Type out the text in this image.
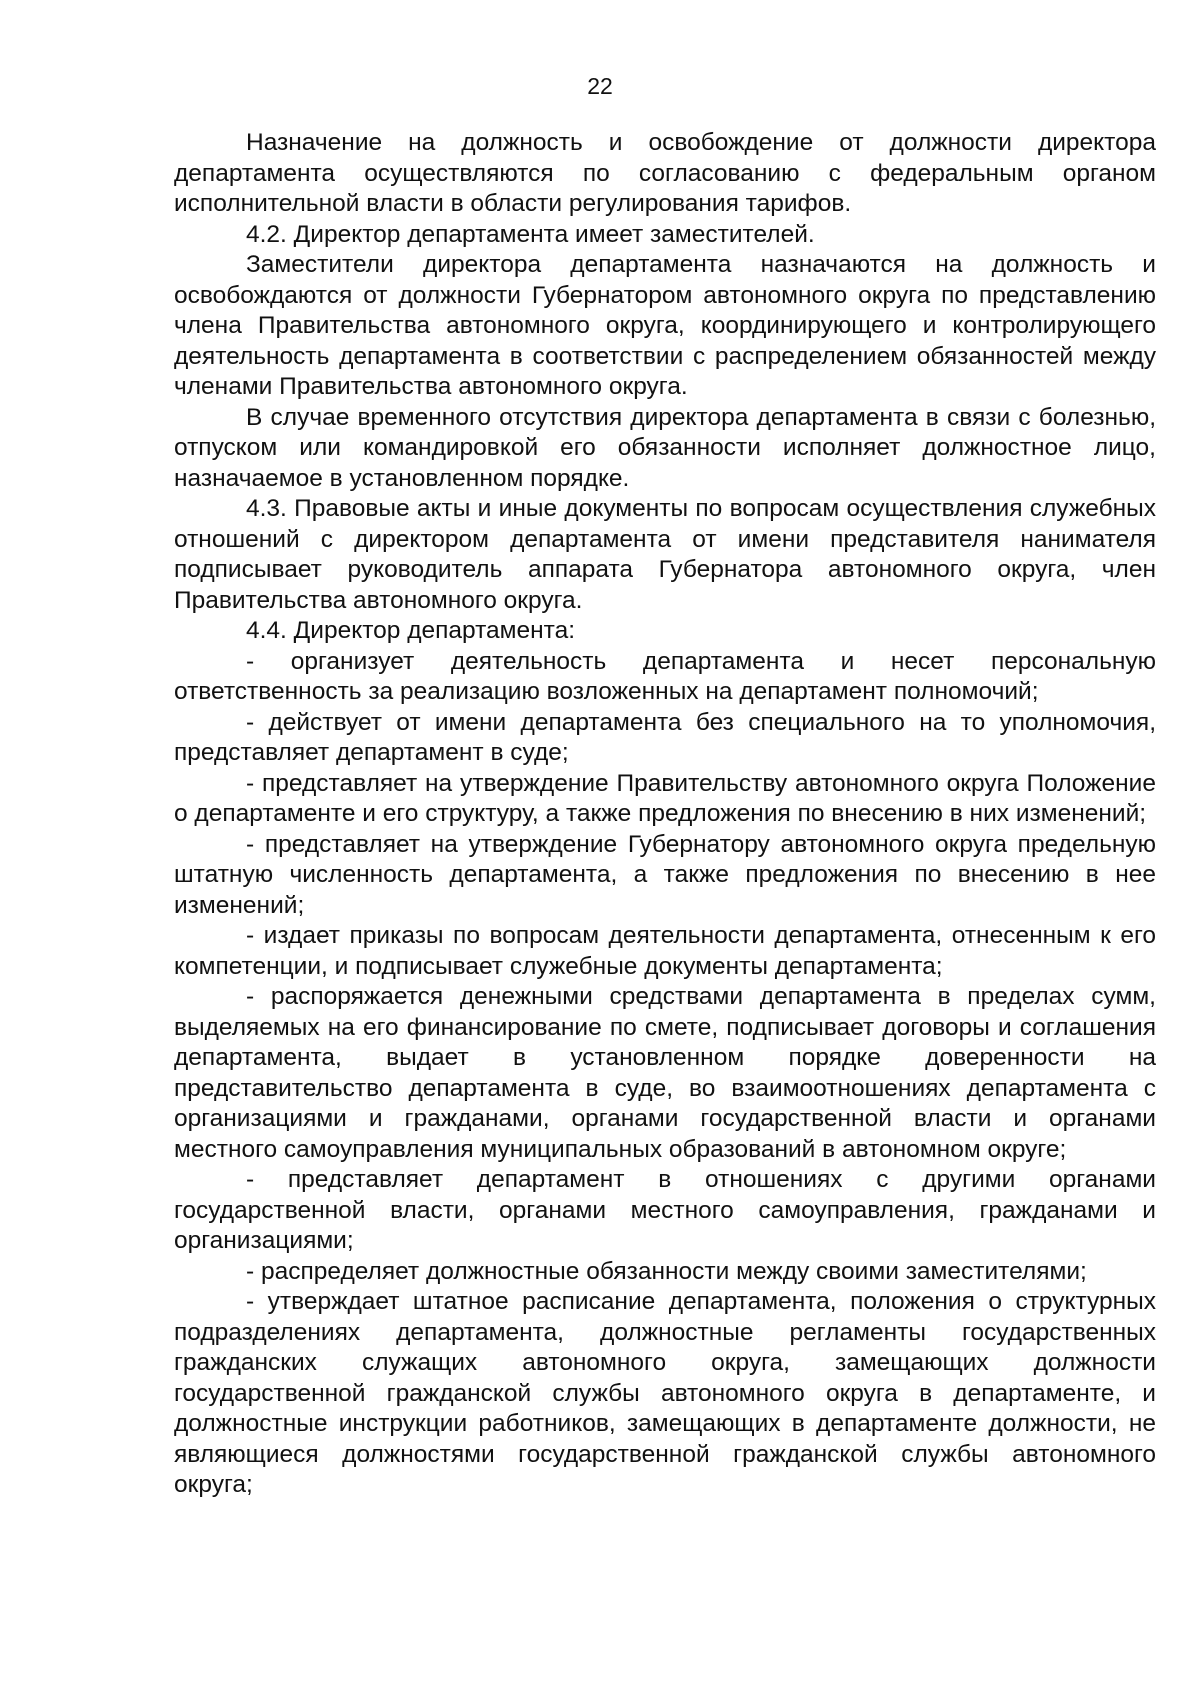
22

Назначение на должность и освобождение от должности директора департамента осуществляются по согласованию с федеральным органом исполнительной власти в области регулирования тарифов.

4.2. Директор департамента имеет заместителей.

Заместители директора департамента назначаются на должность и освобождаются от должности Губернатором автономного округа по представлению члена Правительства автономного округа, координирующего и контролирующего деятельность департамента в соответствии с распределением обязанностей между членами Правительства автономного округа.

В случае временного отсутствия директора департамента в связи с болезнью, отпуском или командировкой его обязанности исполняет должностное лицо, назначаемое в установленном порядке.

4.3. Правовые акты и иные документы по вопросам осуществления служебных отношений с директором департамента от имени представителя нанимателя подписывает руководитель аппарата Губернатора автономного округа, член Правительства автономного округа.

4.4. Директор департамента:

- организует деятельность департамента и несет персональную ответственность за реализацию возложенных на департамент полномочий;

- действует от имени департамента без специального на то уполномочия, представляет департамент в суде;

- представляет на утверждение Правительству автономного округа Положение о департаменте и его структуру, а также предложения по внесению в них изменений;

- представляет на утверждение Губернатору автономного округа предельную штатную численность департамента, а также предложения по внесению в нее изменений;

- издает приказы по вопросам деятельности департамента, отнесенным к его компетенции, и подписывает служебные документы департамента;

- распоряжается денежными средствами департамента в пределах сумм, выделяемых на его финансирование по смете, подписывает договоры и соглашения департамента, выдает в установленном порядке доверенности на представительство департамента в суде, во взаимоотношениях департамента с организациями и гражданами, органами государственной власти и органами местного самоуправления муниципальных образований в автономном округе;

- представляет департамент в отношениях с другими органами государственной власти, органами местного самоуправления, гражданами и организациями;

- распределяет должностные обязанности между своими заместителями;

- утверждает штатное расписание департамента, положения о структурных подразделениях департамента, должностные регламенты государственных гражданских служащих автономного округа, замещающих должности государственной гражданской службы автономного округа в департаменте, и должностные инструкции работников, замещающих в департаменте должности, не являющиеся должностями государственной гражданской службы автономного округа;
